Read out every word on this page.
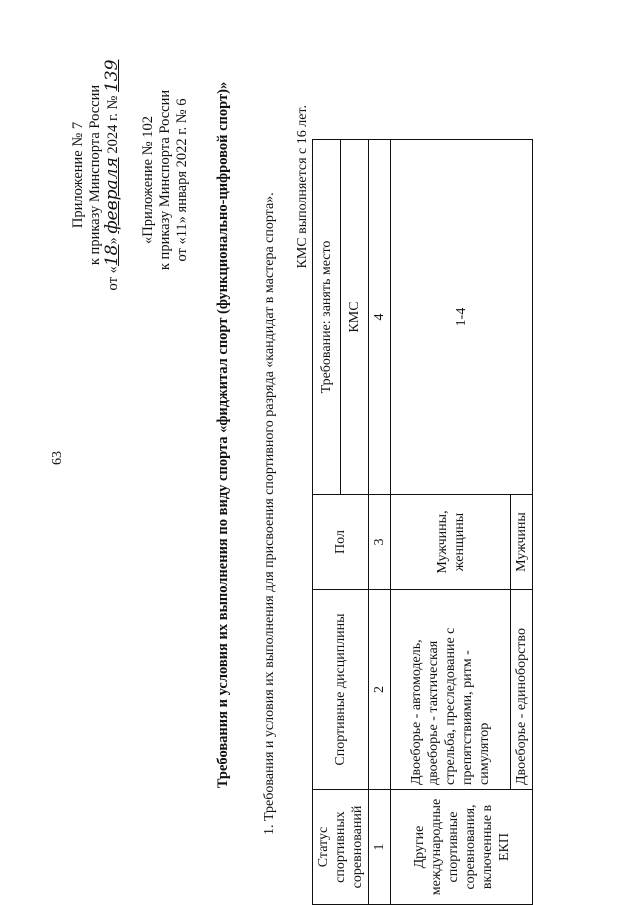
63
Приложение № 7 к приказу Минспорта России
от «18» февраля 2024 г. № 139
«Приложение № 102 к приказу Минспорта России от «11» января 2022 г. № 6 Требования и условия их выполнения по виду спорта «фиджитал спорт (функционально-цифровой спорт)» 1. Требования и условия их выполнения для присвоения спортивного разряда «кандидат в мастера спорта».
КМС выполняется с 16 лет.
Статус спортивных соревнований	Спортивные дисциплины	Пол	Требование: занять место
			КМС
1	2	3	4
Другие международные спортивные соревнования, включенные в ЕКП	Двоеборье - автомодель, двоеборье - тактическая стрельба, преследование с препятствиями, ритм - симулятор	Мужчины, женщины	1-4
	Двоеборье - единоборство	Мужчины	
